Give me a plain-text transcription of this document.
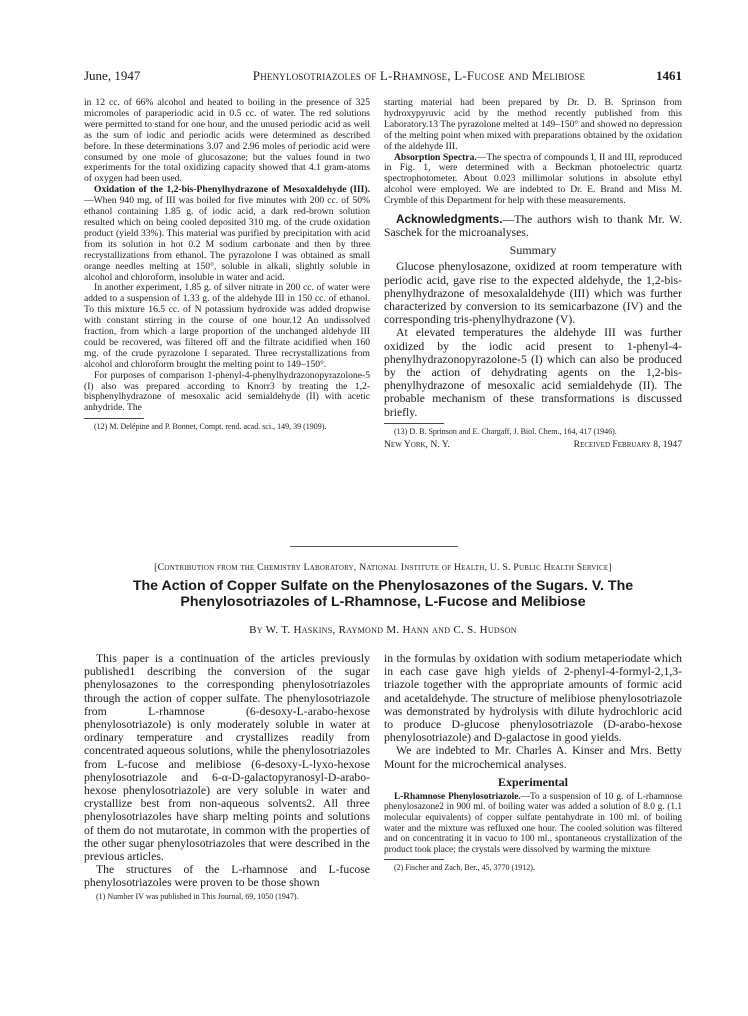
June, 1947	Phenylosotriazoles of L-Rhamnose, L-Fucose and Melibiose	1461

in 12 cc. of 66% alcohol and heated to boiling in the presence of 325 micromoles of paraperiodic acid in 0.5 cc. of water. The red solutions were permitted to stand for one hour, and the unused periodic acid as well as the sum of iodic and periodic acids were determined as described before. In these determinations 3.07 and 2.96 moles of periodic acid were consumed by one mole of glucosazone; but the values found in two experiments for the total oxidizing capacity showed that 4.1 gram-atoms of oxygen had been used.

Oxidation of the 1,2-bis-Phenylhydrazone of Mesoxaldehyde (III).—When 940 mg. of III was boiled for five minutes with 200 cc. of 50% ethanol containing 1.85 g. of iodic acid, a dark red-brown solution resulted which on being cooled deposited 310 mg. of the crude oxidation product (yield 33%). This material was purified by precipitation with acid from its solution in hot 0.2 M sodium carbonate and then by three recrystallizations from ethanol. The pyrazolone I was obtained as small orange needles melting at 150°, soluble in alkali, slightly soluble in alcohol and chloroform, insoluble in water and acid.

In another experiment, 1.85 g. of silver nitrate in 200 cc. of water were added to a suspension of 1.33 g. of the aldehyde III in 150 cc. of ethanol. To this mixture 16.5 cc. of N potassium hydroxide was added dropwise with constant stirring in the course of one hour.12 An undissolved fraction, from which a large proportion of the unchanged aldehyde III could be recovered, was filtered off and the filtrate acidified when 160 mg. of the crude pyrazolone I separated. Three recrystallizations from alcohol and chloroform brought the melting point to 149–150°.

For purposes of comparison 1-phenyl-4-phenylhydrazonopyrazolone-5 (I) also was prepared according to Knorr3 by treating the 1,2-bisphenylhydrazone of mesoxalic acid semialdehyde (II) with acetic anhydride. The

(12) M. Delépine and P. Bonnet, Compt. rend. acad. sci., 149, 39 (1909).

starting material had been prepared by Dr. D. B. Sprinson from hydroxypyruvic acid by the method recently published from this Laboratory.13 The pyrazolone melted at 149–150° and showed no depression of the melting point when mixed with preparations obtained by the oxidation of the aldehyde III.

Absorption Spectra.—The spectra of compounds I, II and III, reproduced in Fig. 1, were determined with a Beckman photoelectric quartz spectrophotometer. About 0.023 millimolar solutions in absolute ethyl alcohol were employed. We are indebted to Dr. E. Brand and Miss M. Crymble of this Department for help with these measurements.

Acknowledgments.—The authors wish to thank Mr. W. Saschek for the microanalyses.

Summary

Glucose phenylosazone, oxidized at room temperature with periodic acid, gave rise to the expected aldehyde, the 1,2-bis-phenylhydrazone of mesoxalaldehyde (III) which was further characterized by conversion to its semicarbazone (IV) and the corresponding tris-phenylhydrazone (V).

At elevated temperatures the aldehyde III was further oxidized by the iodic acid present to 1-phenyl-4-phenylhydrazonopyrazolone-5 (I) which can also be produced by the action of dehydrating agents on the 1,2-bis-phenylhydrazone of mesoxalic acid semialdehyde (II). The probable mechanism of these transformations is discussed briefly.

(13) D. B. Sprinson and E. Chargaff, J. Biol. Chem., 164, 417 (1946).

New York, N. Y.	Received February 8, 1947
[Contribution from the Chemistry Laboratory, National Institute of Health, U. S. Public Health Service]
The Action of Copper Sulfate on the Phenylosazones of the Sugars. V. The
Phenylosotriazoles of L-Rhamnose, L-Fucose and Melibiose
By W. T. Haskins, Raymond M. Hann and C. S. Hudson

This paper is a continuation of the articles previously published1 describing the conversion of the sugar phenylosazones to the corresponding phenylosotriazoles through the action of copper sulfate. The phenylosotriazole from L-rhamnose (6-desoxy-L-arabo-hexose phenylosotriazole) is only moderately soluble in water at ordinary temperature and crystallizes readily from concentrated aqueous solutions, while the phenylosotriazoles from L-fucose and melibiose (6-desoxy-L-lyxo-hexose phenylosotriazole and 6-α-D-galactopyranosyl-D-arabo-hexose phenylosotriazole) are very soluble in water and crystallize best from non-aqueous solvents2. All three phenylosotriazoles have sharp melting points and solutions of them do not mutarotate, in common with the properties of the other sugar phenylosotriazoles that were described in the previous articles.

The structures of the L-rhamnose and L-fucose phenylosotriazoles were proven to be those shown

(1) Number IV was published in This Journal, 69, 1050 (1947).

in the formulas by oxidation with sodium metaperiodate which in each case gave high yields of 2-phenyl-4-formyl-2,1,3-triazole together with the appropriate amounts of formic acid and acetaldehyde. The structure of melibiose phenylosotriazole was demonstrated by hydrolysis with dilute hydrochloric acid to produce D-glucose phenylosotriazole (D-arabo-hexose phenylosotriazole) and D-galactose in good yields.

We are indebted to Mr. Charles A. Kinser and Mrs. Betty Mount for the microchemical analyses.

Experimental

L-Rhamnose Phenylosotriazole.—To a suspension of 10 g. of L-rhamnose phenylosazone2 in 900 ml. of boiling water was added a solution of 8.0 g. (1.1 molecular equivalents) of copper sulfate pentahydrate in 100 ml. of boiling water and the mixture was refluxed one hour. The cooled solution was filtered and on concentrating it in vacuo to 100 ml., spontaneous crystallization of the product took place; the crystals were dissolved by warming the mixture

(2) Fischer and Zach, Ber., 45, 3770 (1912).
